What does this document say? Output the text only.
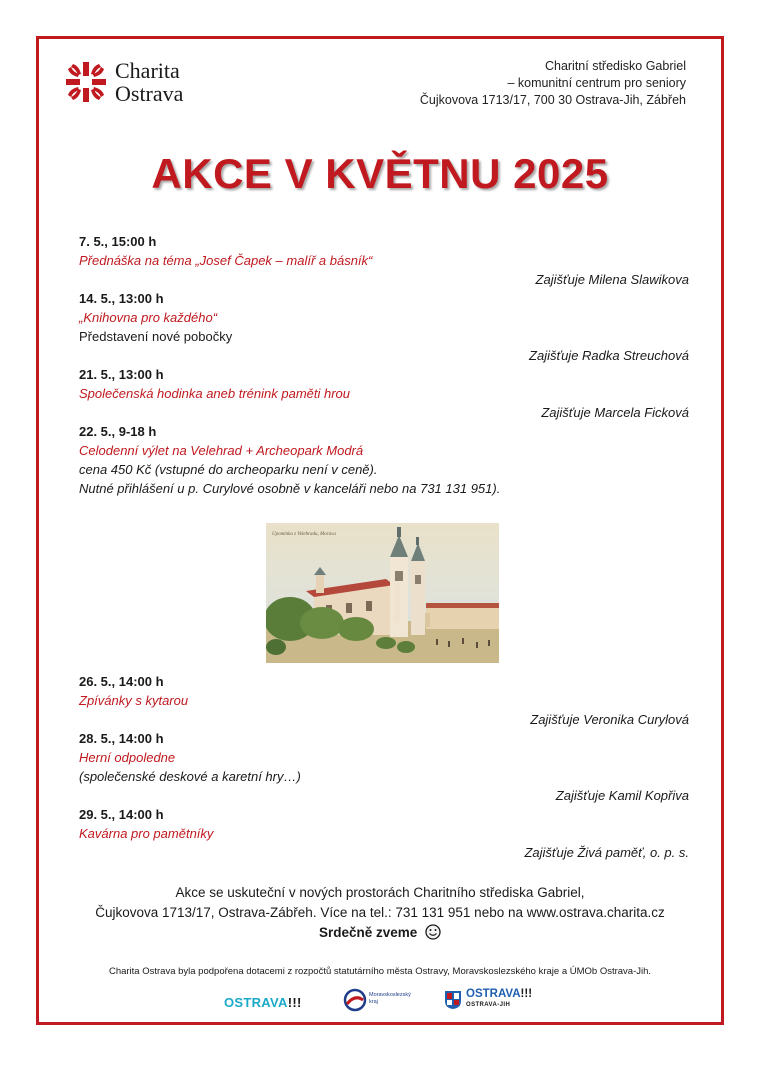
Charita
Ostrava
Charitní středisko Gabriel
– komunitní centrum pro seniory
Čujkovova 1713/17, 700 30 Ostrava-Jih, Zábřeh
AKCE V KVĚTNU 2025
7. 5., 15:00 h
Přednáška na téma „Josef Čapek – malíř a básník“
Zajišťuje Milena Slawikova
14. 5., 13:00 h
„Knihovna pro každého“
Představení nové pobočky
Zajišťuje Radka Streuchová
21. 5., 13:00 h
Společenská hodinka aneb trénink paměti hrou
Zajišťuje Marcela Ficková
22. 5., 9-18 h
Celodenní výlet na Velehrad + Archeopark Modrá
cena 450 Kč (vstupné do archeoparku není v ceně).
Nutné přihlášení u p. Curylové osobně v kanceláři nebo na 731 131 951).
Upomínka z Velehradu, Morava
26. 5., 14:00 h
Zpívánky s kytarou
Zajišťuje Veronika Curylová
28. 5., 14:00 h
Herní odpoledne
(společenské deskové a karetní hry…)
Zajišťuje Kamil Kopřiva
29. 5., 14:00 h
Kavárna pro pamětníky
Zajišťuje Živá paměť, o. p. s.
Akce se uskuteční v nových prostorách Charitního střediska Gabriel,
Čujkovova 1713/17, Ostrava-Zábřeh. Více na tel.: 731 131 951 nebo na www.ostrava.charita.cz
Srdečně zveme
Charita Ostrava byla podpořena dotacemi z rozpočtů statutárního města Ostravy, Moravskoslezského kraje a ÚMOb Ostrava-Jih.
OSTRAVA!!!	Moravskoslezský
kraj
OSTRAVA!!!
OSTRAVA-JIH
